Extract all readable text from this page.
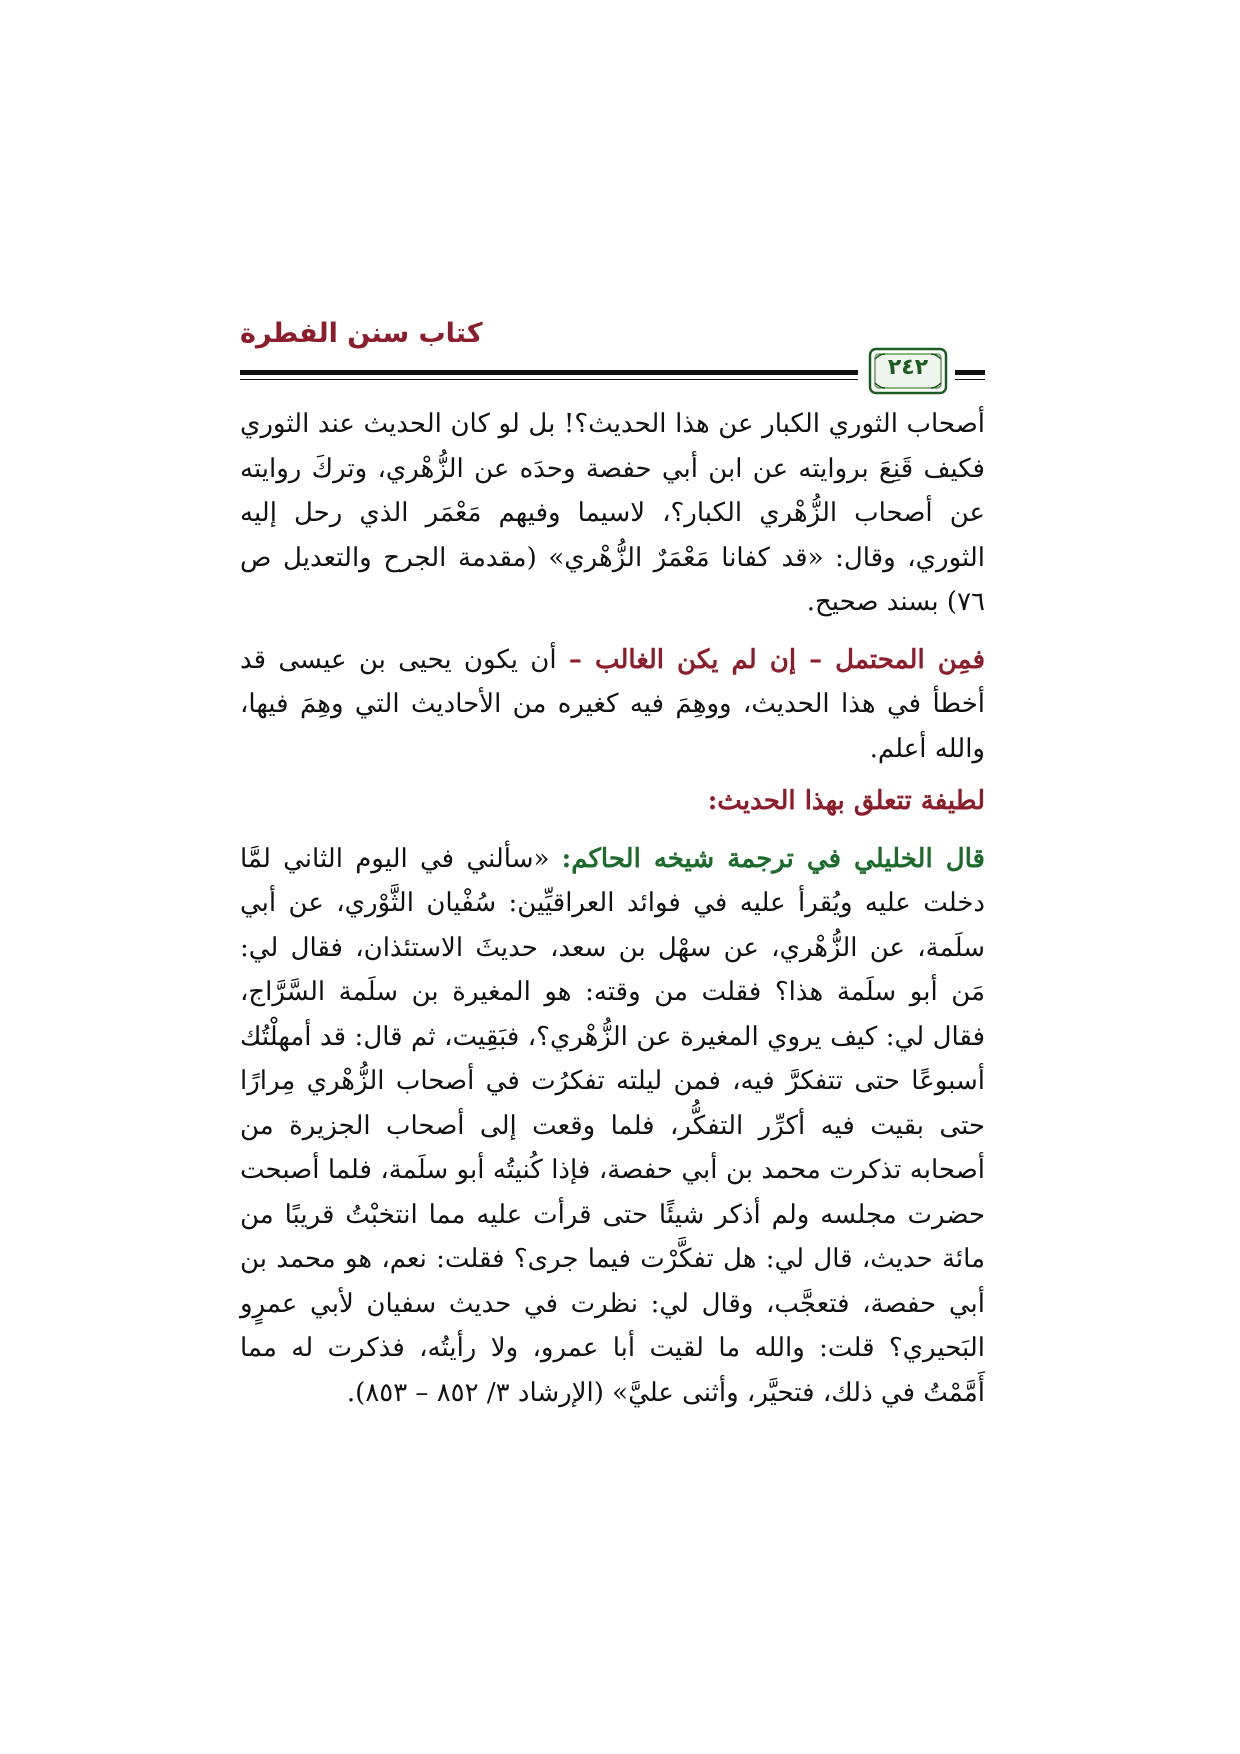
كتاب سنن الفطرة
٢٤٢

أصحاب الثوري الكبار عن هذا الحديث؟! بل لو كان الحديث عند الثوري فكيف قَنِعَ بروايته عن ابن أبي حفصة وحدَه عن الزُّهْري، وتركَ روايته عن أصحاب الزُّهْري الكبار؟، لاسيما وفيهم مَعْمَر الذي رحل إليه الثوري، وقال: «قد كفانا مَعْمَرٌ الزُّهْري» (مقدمة الجرح والتعديل ص ٧٦) بسند صحيح.

فمِن المحتمل – إن لم يكن الغالب – أن يكون يحيى بن عيسى قد أخطأ في هذا الحديث، ووهِمَ فيه كغيره من الأحاديث التي وهِمَ فيها، والله أعلم.

لطيفة تتعلق بهذا الحديث:

قال الخليلي في ترجمة شيخه الحاكم: «سألني في اليوم الثاني لمَّا دخلت عليه ويُقرأ عليه في فوائد العراقيِّين: سُفْيان الثَّوْري، عن أبي سلَمة، عن الزُّهْري، عن سهْل بن سعد، حديثَ الاستئذان، فقال لي: مَن أبو سلَمة هذا؟ فقلت من وقته: هو المغيرة بن سلَمة السَّرَّاج، فقال لي: كيف يروي المغيرة عن الزُّهْري؟، فبَقِيت، ثم قال: قد أمهلْتُك أسبوعًا حتى تتفكرَّ فيه، فمن ليلته تفكرُت في أصحاب الزُّهْري مِرارًا حتى بقيت فيه أكرِّر التفكُّر، فلما وقعت إلى أصحاب الجزيرة من أصحابه تذكرت محمد بن أبي حفصة، فإذا كُنيتُه أبو سلَمة، فلما أصبحت حضرت مجلسه ولم أذكر شيئًا حتى قرأت عليه مما انتخبْتُ قريبًا من مائة حديث، قال لي: هل تفكَّرْت فيما جرى؟ فقلت: نعم، هو محمد بن أبي حفصة، فتعجَّب، وقال لي: نظرت في حديث سفيان لأبي عمرٍو البَحيري؟ قلت: والله ما لقيت أبا عمرو، ولا رأيتُه، فذكرت له مما أَمَّمْتُ في ذلك، فتحيَّر، وأثنى عليَّ» (الإرشاد ٣/ ٨٥٢ – ٨٥٣).
